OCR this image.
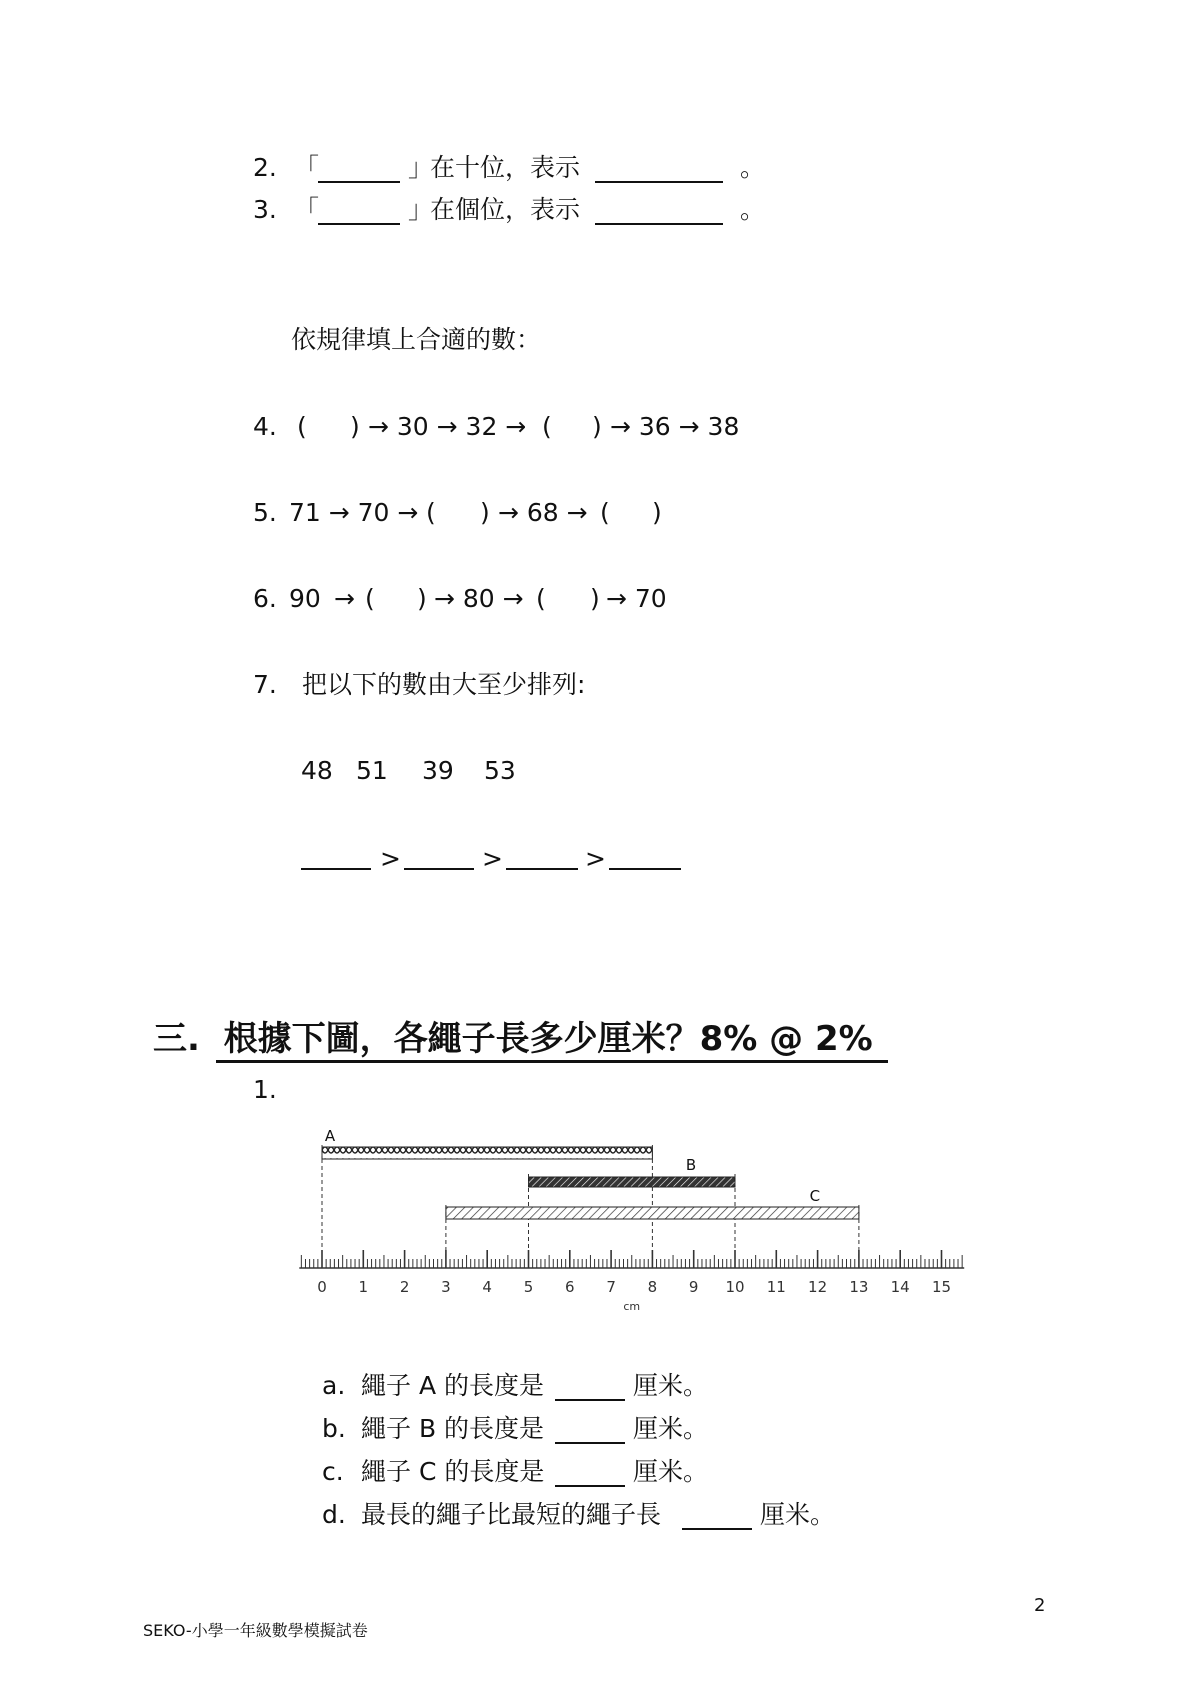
2. 「	」
在十位，表示	。
3. 「	」
在個位，表示	。
依規律填上合適的數：
4. ( ) → 30 → 32 → ( ) → 36 → 38
5. 71 → 70 → ( ) → 68 → ( )
6. 90 → ( ) → 80 → ( ) → 70
7. 把以下的數由大至少排列:
48 51 39 53
>	>	>
三.  根據下圖，各繩子長多少厘米？8% @ 2%
1.
A
B
C
0 1 2 3 4 5 6 7 8 9 10 11 12 13 14 15
cm
a. 繩子 A 的長度是	厘米。
b. 繩子 B 的長度是	厘米。
c. 繩子 C 的長度是	厘米。
d. 最長的繩子比最短的繩子長	厘米。
2
SEKO-小學一年級數學模擬試卷
